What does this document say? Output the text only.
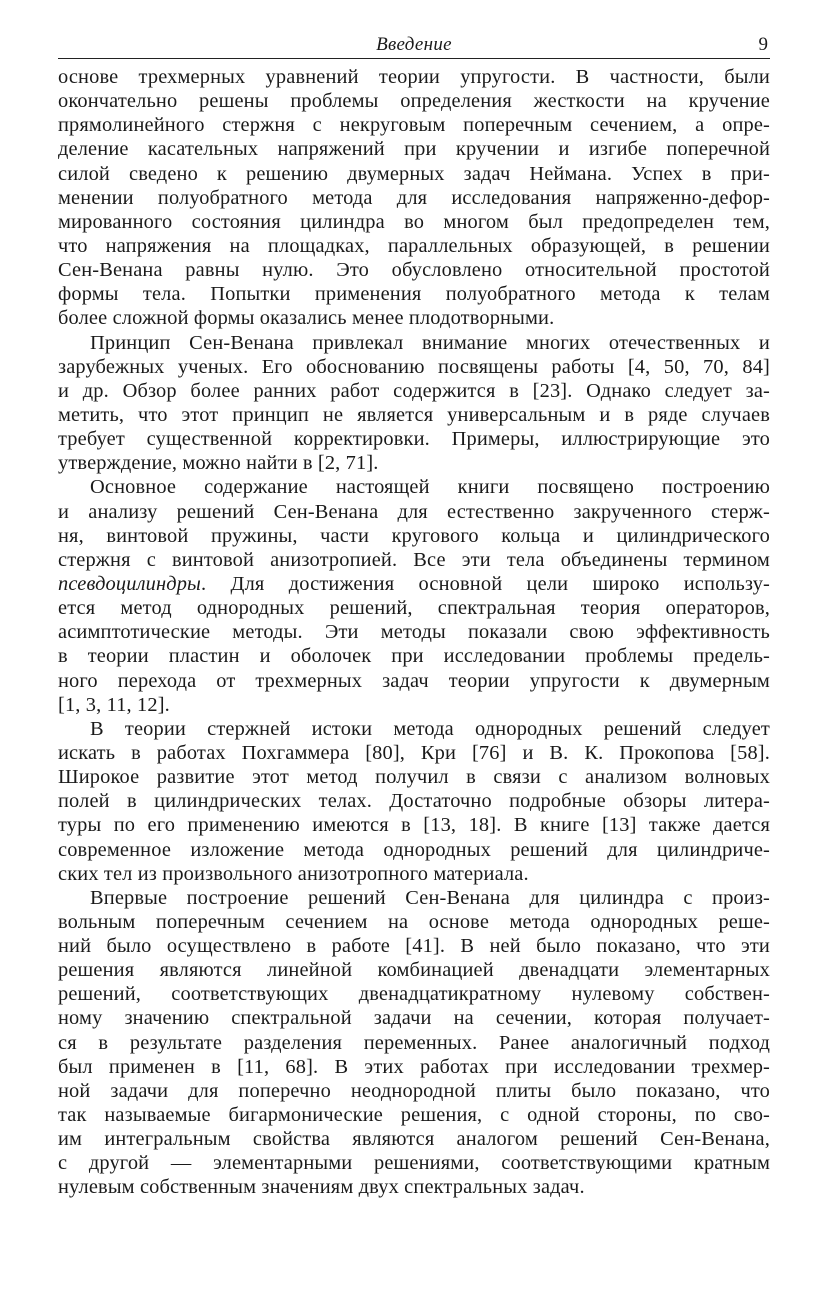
Введение	9
основе трехмерных уравнений теории упругости. В частности, были
окончательно решены проблемы определения жесткости на кручение
прямолинейного стержня с некруговым поперечным сечением, а опре-
деление касательных напряжений при кручении и изгибе поперечной
силой сведено к решению двумерных задач Неймана. Успех в при-
менении полуобратного метода для исследования напряженно-дефор-
мированного состояния цилиндра во многом был предопределен тем,
что напряжения на площадках, параллельных образующей, в решении
Сен-Венана равны нулю. Это обусловлено относительной простотой
формы тела. Попытки применения полуобратного метода к телам
более сложной формы оказались менее плодотворными.
Принцип Сен-Венана привлекал внимание многих отечественных и
зарубежных ученых. Его обоснованию посвящены работы [4, 50, 70, 84]
и др. Обзор более ранних работ содержится в [23]. Однако следует за-
метить, что этот принцип не является универсальным и в ряде случаев
требует существенной корректировки. Примеры, иллюстрирующие это
утверждение, можно найти в [2, 71].
Основное содержание настоящей книги посвящено построению
и анализу решений Сен-Венана для естественно закрученного стерж-
ня, винтовой пружины, части кругового кольца и цилиндрического
стержня с винтовой анизотропией. Все эти тела объединены термином
псевдоцилиндры. Для достижения основной цели широко использу-
ется метод однородных решений, спектральная теория операторов,
асимптотические методы. Эти методы показали свою эффективность
в теории пластин и оболочек при исследовании проблемы предель-
ного перехода от трехмерных задач теории упругости к двумерным
[1, 3, 11, 12].
В теории стержней истоки метода однородных решений следует
искать в работах Похгаммера [80], Кри [76] и В. К. Прокопова [58].
Широкое развитие этот метод получил в связи с анализом волновых
полей в цилиндрических телах. Достаточно подробные обзоры литера-
туры по его применению имеются в [13, 18]. В книге [13] также дается
современное изложение метода однородных решений для цилиндриче-
ских тел из произвольного анизотропного материала.
Впервые построение решений Сен-Венана для цилиндра с произ-
вольным поперечным сечением на основе метода однородных реше-
ний было осуществлено в работе [41]. В ней было показано, что эти
решения являются линейной комбинацией двенадцати элементарных
решений, соответствующих двенадцатикратному нулевому собствен-
ному значению спектральной задачи на сечении, которая получает-
ся в результате разделения переменных. Ранее аналогичный подход
был применен в [11, 68]. В этих работах при исследовании трехмер-
ной задачи для поперечно неоднородной плиты было показано, что
так называемые бигармонические решения, с одной стороны, по сво-
им интегральным свойства являются аналогом решений Сен-Венана,
с другой — элементарными решениями, соответствующими кратным
нулевым собственным значениям двух спектральных задач.
